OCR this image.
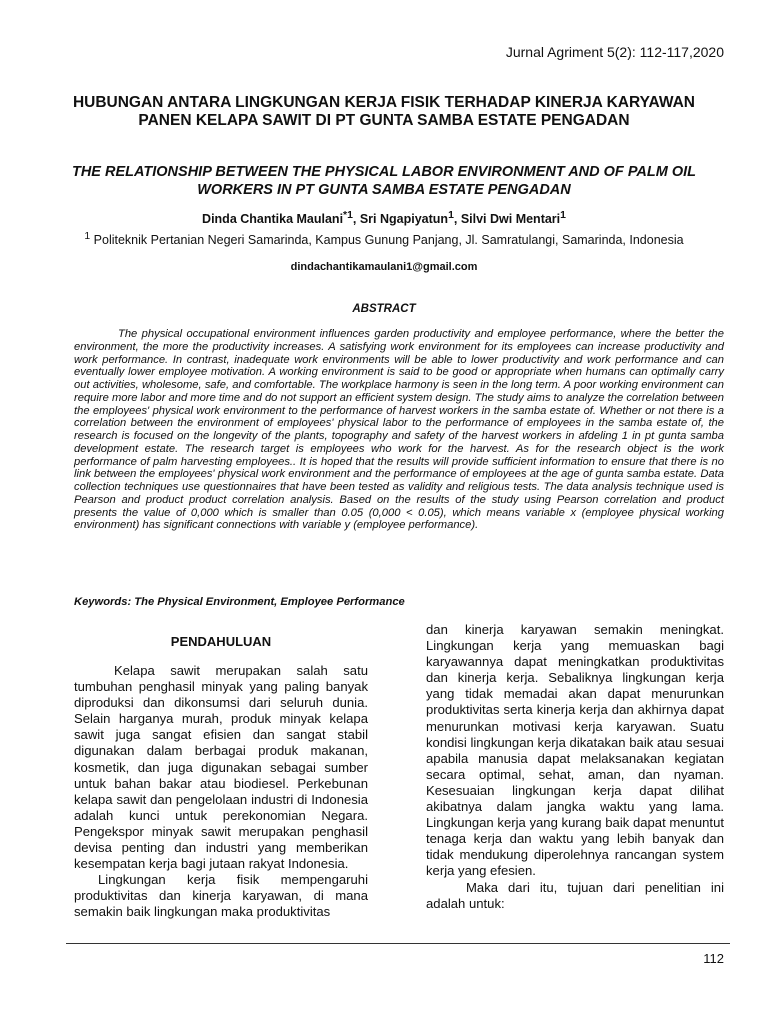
Jurnal Agriment 5(2): 112-117,2020
HUBUNGAN ANTARA LINGKUNGAN KERJA FISIK TERHADAP KINERJA KARYAWAN PANEN KELAPA SAWIT DI PT GUNTA SAMBA ESTATE PENGADAN
THE RELATIONSHIP BETWEEN THE PHYSICAL LABOR ENVIRONMENT AND OF PALM OIL WORKERS IN PT GUNTA SAMBA ESTATE PENGADAN
Dinda Chantika Maulani$^{*1}$, Sri Ngapiyatun$^1$, Silvi Dwi Mentari$^1$
$^1$ Politeknik Pertanian Negeri Samarinda, Kampus Gunung Panjang, Jl. Samratulangi, Samarinda, Indonesia
dindachantikamaulani1@gmail.com
ABSTRACT

The physical occupational environment influences garden productivity and employee performance, where the better the environment, the more the productivity increases. A satisfying work environment for its employees can increase productivity and work performance. In contrast, inadequate work environments will be able to lower productivity and work performance and can eventually lower employee motivation. A working environment is said to be good or appropriate when humans can optimally carry out activities, wholesome, safe, and comfortable. The workplace harmony is seen in the long term. A poor working environment can require more labor and more time and do not support an efficient system design. The study aims to analyze the correlation between the employees' physical work environment to the performance of harvest workers in the samba estate of. Whether or not there is a correlation between the environment of employees' physical labor to the performance of employees in the samba estate of, the research is focused on the longevity of the plants, topography and safety of the harvest workers in afdeling 1 in pt gunta samba development estate. The research target is employees who work for the harvest. As for the research object is the work performance of palm harvesting employees.. It is hoped that the results will provide sufficient information to ensure that there is no link between the employees' physical work environment and the performance of employees at the age of gunta samba estate. Data collection techniques use questionnaires that have been tested as validity and religious tests. The data analysis technique used is Pearson and product product correlation analysis. Based on the results of the study using Pearson correlation and product presents the value of 0,000 which is smaller than 0.05 (0,000 < 0.05), which means variable x (employee physical working environment) has significant connections with variable y (employee performance).

Keywords: The Physical Environment, Employee Performance
PENDAHULUAN

Kelapa sawit merupakan salah satu tumbuhan penghasil minyak yang paling banyak diproduksi dan dikonsumsi dari seluruh dunia. Selain harganya murah, produk minyak kelapa sawit juga sangat efisien dan sangat stabil digunakan dalam berbagai produk makanan, kosmetik, dan juga digunakan sebagai sumber untuk bahan bakar atau biodiesel. Perkebunan kelapa sawit dan pengelolaan industri di Indonesia adalah kunci untuk perekonomian Negara. Pengekspor minyak sawit merupakan penghasil devisa penting dan industri yang memberikan kesempatan kerja bagi jutaan rakyat Indonesia.

Lingkungan kerja fisik mempengaruhi produktivitas dan kinerja karyawan, di mana semakin baik lingkungan maka produktivitas

dan kinerja karyawan semakin meningkat. Lingkungan kerja yang memuaskan bagi karyawannya dapat meningkatkan produktivitas dan kinerja kerja. Sebaliknya lingkungan kerja yang tidak memadai akan dapat menurunkan produktivitas serta kinerja kerja dan akhirnya dapat menurunkan motivasi kerja karyawan. Suatu kondisi lingkungan kerja dikatakan baik atau sesuai apabila manusia dapat melaksanakan kegiatan secara optimal, sehat, aman, dan nyaman. Kesesuaian lingkungan kerja dapat dilihat akibatnya dalam jangka waktu yang lama. Lingkungan kerja yang kurang baik dapat menuntut tenaga kerja dan waktu yang lebih banyak dan tidak mendukung diperolehnya rancangan system kerja yang efesien.

Maka dari itu, tujuan dari penelitian ini adalah untuk:

112
